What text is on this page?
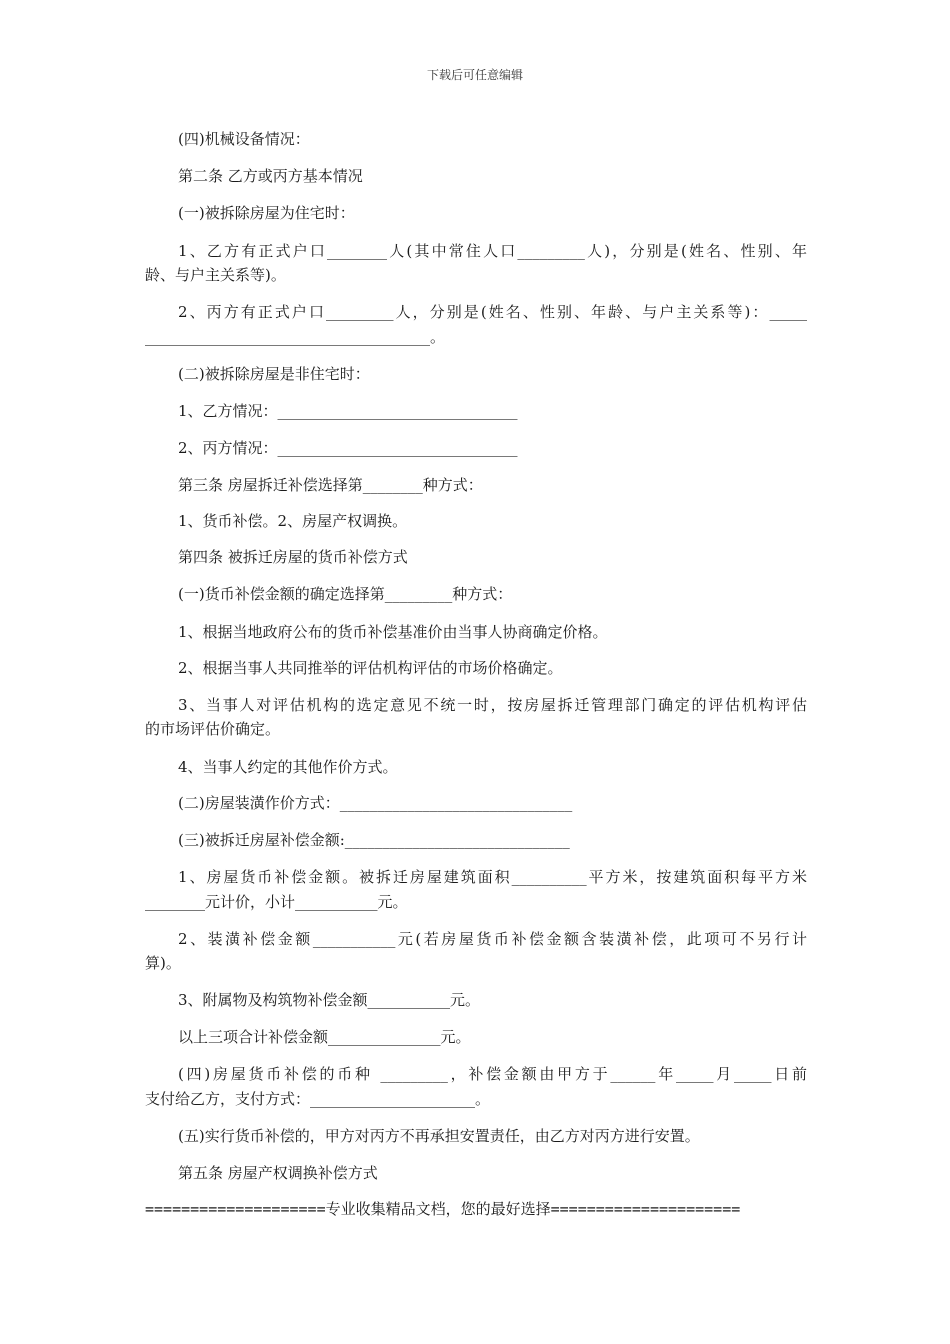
下载后可任意编辑
(四)机械设备情况：
第二条 乙方或丙方基本情况
(一)被拆除房屋为住宅时：
1、乙方有正式户口________人(其中常住人口_________人)，分别是(姓名、性别、年
龄、与户主关系等)。
2、丙方有正式户口_________人，分别是(姓名、性别、年龄、与户主关系等)：_____
______________________________________。
(二)被拆除房屋是非住宅时：
1、乙方情况：________________________________
2、丙方情况：________________________________
第三条 房屋拆迁补偿选择第________种方式：
1、货币补偿。2、房屋产权调换。
第四条 被拆迁房屋的货币补偿方式
(一)货币补偿金额的确定选择第_________种方式：
1、根据当地政府公布的货币补偿基准价由当事人协商确定价格。
2、根据当事人共同推举的评估机构评估的市场价格确定。
3、当事人对评估机构的选定意见不统一时，按房屋拆迁管理部门确定的评估机构评估
的市场评估价确定。
4、当事人约定的其他作价方式。
(二)房屋装潢作价方式：_______________________________
(三)被拆迁房屋补偿金额:______________________________
1、房屋货币补偿金额。被拆迁房屋建筑面积__________平方米，按建筑面积每平方米
________元计价，小计___________元。
2、装潢补偿金额___________元(若房屋货币补偿金额含装潢补偿，此项可不另行计
算)。
3、附属物及构筑物补偿金额___________元。
以上三项合计补偿金额_______________元。
(四)房屋货币补偿的币种 _________，补偿金额由甲方于______年_____月_____日前
支付给乙方，支付方式：______________________。
(五)实行货币补偿的，甲方对丙方不再承担安置责任，由乙方对丙方进行安置。
第五条 房屋产权调换补偿方式
====================专业收集精品文档，您的最好选择=====================
